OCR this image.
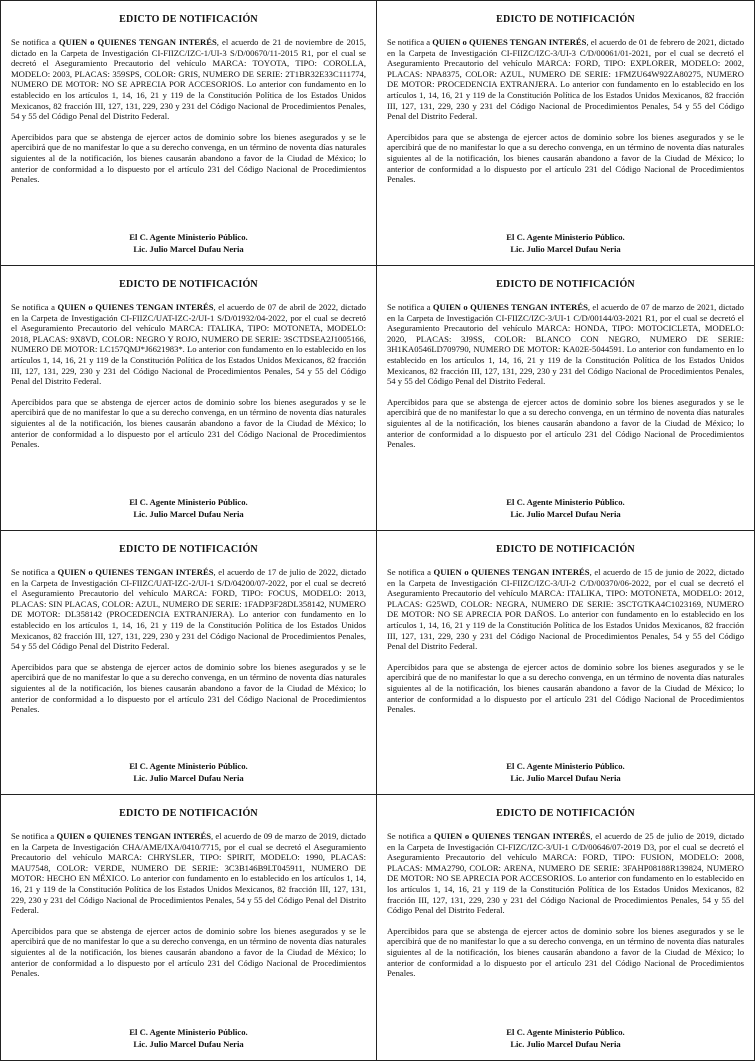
EDICTO DE NOTIFICACIÓN

Se notifica a QUIEN o QUIENES TENGAN INTERÉS, el acuerdo de 21 de noviembre de 2015, dictado en la Carpeta de Investigación CI-FIIZC/IZC-1/UI-3 S/D/00670/11-2015 R1, por el cual se decretó el Aseguramiento Precautorio del vehículo MARCA: TOYOTA, TIPO: COROLLA, MODELO: 2003, PLACAS: 359SPS, COLOR: GRIS, NUMERO DE SERIE: 2T1BR32E33C111774, NUMERO DE MOTOR: NO SE APRECIA POR ACCESORIOS. Lo anterior con fundamento en lo establecido en los artículos 1, 14, 16, 21 y 119 de la Constitución Política de los Estados Unidos Mexicanos, 82 fracción III, 127, 131, 229, 230 y 231 del Código Nacional de Procedimientos Penales, 54 y 55 del Código Penal del Distrito Federal.

Apercibidos para que se abstenga de ejercer actos de dominio sobre los bienes asegurados y se le apercibirá que de no manifestar lo que a su derecho convenga, en un término de noventa días naturales siguientes al de la notificación, los bienes causarán abandono a favor de la Ciudad de México; lo anterior de conformidad a lo dispuesto por el artículo 231 del Código Nacional de Procedimientos Penales.

El C. Agente Ministerio Público.
Lic. Julio Marcel Dufau Neria
EDICTO DE NOTIFICACIÓN

Se notifica a QUIEN o QUIENES TENGAN INTERÉS, el acuerdo de 01 de febrero de 2021, dictado en la Carpeta de Investigación CI-FIIZC/IZC-3/UI-3 C/D/00061/01-2021, por el cual se decretó el Aseguramiento Precautorio del vehículo MARCA: FORD, TIPO: EXPLORER, MODELO: 2002, PLACAS: NPA8375, COLOR: AZUL, NUMERO DE SERIE: 1FMZU64W92ZA80275, NUMERO DE MOTOR: PROCEDENCIA EXTRANJERA. Lo anterior con fundamento en lo establecido en los artículos 1, 14, 16, 21 y 119 de la Constitución Política de los Estados Unidos Mexicanos, 82 fracción III, 127, 131, 229, 230 y 231 del Código Nacional de Procedimientos Penales, 54 y 55 del Código Penal del Distrito Federal.

Apercibidos para que se abstenga de ejercer actos de dominio sobre los bienes asegurados y se le apercibirá que de no manifestar lo que a su derecho convenga, en un término de noventa días naturales siguientes al de la notificación, los bienes causarán abandono a favor de la Ciudad de México; lo anterior de conformidad a lo dispuesto por el artículo 231 del Código Nacional de Procedimientos Penales.

El C. Agente Ministerio Público.
Lic. Julio Marcel Dufau Neria
EDICTO DE NOTIFICACIÓN

Se notifica a QUIEN o QUIENES TENGAN INTERÉS, el acuerdo de 07 de abril de 2022, dictado en la Carpeta de Investigación CI-FIIZC/UAT-IZC-2/UI-1 S/D/01932/04-2022, por el cual se decretó el Aseguramiento Precautorio del vehículo MARCA: ITALIKA, TIPO: MOTONETA, MODELO: 2018, PLACAS: 9X8VD, COLOR: NEGRO Y ROJO, NUMERO DE SERIE: 3SCTDSEA2J1005166, NUMERO DE MOTOR: LC157QMJ*J6621983*. Lo anterior con fundamento en lo establecido en los artículos 1, 14, 16, 21 y 119 de la Constitución Política de los Estados Unidos Mexicanos, 82 fracción III, 127, 131, 229, 230 y 231 del Código Nacional de Procedimientos Penales, 54 y 55 del Código Penal del Distrito Federal.

Apercibidos para que se abstenga de ejercer actos de dominio sobre los bienes asegurados y se le apercibirá que de no manifestar lo que a su derecho convenga, en un término de noventa días naturales siguientes al de la notificación, los bienes causarán abandono a favor de la Ciudad de México; lo anterior de conformidad a lo dispuesto por el artículo 231 del Código Nacional de Procedimientos Penales.

El C. Agente Ministerio Público.
Lic. Julio Marcel Dufau Neria
EDICTO DE NOTIFICACIÓN

Se notifica a QUIEN o QUIENES TENGAN INTERÉS, el acuerdo de 07 de marzo de 2021, dictado en la Carpeta de Investigación CI-FIIZC/IZC-3/UI-1 C/D/00144/03-2021 R1, por el cual se decretó el Aseguramiento Precautorio del vehículo MARCA: HONDA, TIPO: MOTOCICLETA, MODELO: 2020, PLACAS: 3J9SS, COLOR: BLANCO CON NEGRO, NUMERO DE SERIE: 3H1KA0546LD709790, NUMERO DE MOTOR: KA02E-5044591. Lo anterior con fundamento en lo establecido en los artículos 1, 14, 16, 21 y 119 de la Constitución Política de los Estados Unidos Mexicanos, 82 fracción III, 127, 131, 229, 230 y 231 del Código Nacional de Procedimientos Penales, 54 y 55 del Código Penal del Distrito Federal.

Apercibidos para que se abstenga de ejercer actos de dominio sobre los bienes asegurados y se le apercibirá que de no manifestar lo que a su derecho convenga, en un término de noventa días naturales siguientes al de la notificación, los bienes causarán abandono a favor de la Ciudad de México; lo anterior de conformidad a lo dispuesto por el artículo 231 del Código Nacional de Procedimientos Penales.

El C. Agente Ministerio Público.
Lic. Julio Marcel Dufau Neria
EDICTO DE NOTIFICACIÓN

Se notifica a QUIEN o QUIENES TENGAN INTERÉS, el acuerdo de 17 de julio de 2022, dictado en la Carpeta de Investigación CI-FIIZC/UAT-IZC-2/UI-1 S/D/04200/07-2022, por el cual se decretó el Aseguramiento Precautorio del vehículo MARCA: FORD, TIPO: FOCUS, MODELO: 2013, PLACAS: SIN PLACAS, COLOR: AZUL, NUMERO DE SERIE: 1FADP3F28DL358142, NUMERO DE MOTOR: DL358142 (PROCEDENCIA EXTRANJERA). Lo anterior con fundamento en lo establecido en los artículos 1, 14, 16, 21 y 119 de la Constitución Política de los Estados Unidos Mexicanos, 82 fracción III, 127, 131, 229, 230 y 231 del Código Nacional de Procedimientos Penales, 54 y 55 del Código Penal del Distrito Federal.

Apercibidos para que se abstenga de ejercer actos de dominio sobre los bienes asegurados y se le apercibirá que de no manifestar lo que a su derecho convenga, en un término de noventa días naturales siguientes al de la notificación, los bienes causarán abandono a favor de la Ciudad de México; lo anterior de conformidad a lo dispuesto por el artículo 231 del Código Nacional de Procedimientos Penales.

El C. Agente Ministerio Público.
Lic. Julio Marcel Dufau Neria
EDICTO DE NOTIFICACIÓN

Se notifica a QUIEN o QUIENES TENGAN INTERÉS, el acuerdo de 15 de junio de 2022, dictado en la Carpeta de Investigación CI-FIIZC/IZC-3/UI-2 C/D/00370/06-2022, por el cual se decretó el Aseguramiento Precautorio del vehículo MARCA: ITALIKA, TIPO: MOTONETA, MODELO: 2012, PLACAS: G25WD, COLOR: NEGRA, NUMERO DE SERIE: 3SCTGTKA4C1023169, NUMERO DE MOTOR: NO SE APRECIA POR DAÑOS. Lo anterior con fundamento en lo establecido en los artículos 1, 14, 16, 21 y 119 de la Constitución Política de los Estados Unidos Mexicanos, 82 fracción III, 127, 131, 229, 230 y 231 del Código Nacional de Procedimientos Penales, 54 y 55 del Código Penal del Distrito Federal.

Apercibidos para que se abstenga de ejercer actos de dominio sobre los bienes asegurados y se le apercibirá que de no manifestar lo que a su derecho convenga, en un término de noventa días naturales siguientes al de la notificación, los bienes causarán abandono a favor de la Ciudad de México; lo anterior de conformidad a lo dispuesto por el artículo 231 del Código Nacional de Procedimientos Penales.

El C. Agente Ministerio Público.
Lic. Julio Marcel Dufau Neria
EDICTO DE NOTIFICACIÓN

Se notifica a QUIEN o QUIENES TENGAN INTERÉS, el acuerdo de 09 de marzo de 2019, dictado en la Carpeta de Investigación CHA/AME/IXA/0410/7715, por el cual se decretó el Aseguramiento Precautorio del vehículo MARCA: CHRYSLER, TIPO: SPIRIT, MODELO: 1990, PLACAS: MAU7548, COLOR: VERDE, NUMERO DE SERIE: 3C3B146B9LT045911, NUMERO DE MOTOR: HECHO EN MÉXICO. Lo anterior con fundamento en lo establecido en los artículos 1, 14, 16, 21 y 119 de la Constitución Política de los Estados Unidos Mexicanos, 82 fracción III, 127, 131, 229, 230 y 231 del Código Nacional de Procedimientos Penales, 54 y 55 del Código Penal del Distrito Federal.

Apercibidos para que se abstenga de ejercer actos de dominio sobre los bienes asegurados y se le apercibirá que de no manifestar lo que a su derecho convenga, en un término de noventa días naturales siguientes al de la notificación, los bienes causarán abandono a favor de la Ciudad de México; lo anterior de conformidad a lo dispuesto por el artículo 231 del Código Nacional de Procedimientos Penales.

El C. Agente Ministerio Público.
Lic. Julio Marcel Dufau Neria
EDICTO DE NOTIFICACIÓN

Se notifica a QUIEN o QUIENES TENGAN INTERÉS, el acuerdo de 25 de julio de 2019, dictado en la Carpeta de Investigación CI-FIZC/IZC-3/UI-1 C/D/00646/07-2019 D3, por el cual se decretó el Aseguramiento Precautorio del vehículo MARCA: FORD, TIPO: FUSION, MODELO: 2008, PLACAS: MMA2790, COLOR: ARENA, NUMERO DE SERIE: 3FAHP08188R139824, NUMERO DE MOTOR: NO SE APRECIA POR ACCESORIOS. Lo anterior con fundamento en lo establecido en los artículos 1, 14, 16, 21 y 119 de la Constitución Política de los Estados Unidos Mexicanos, 82 fracción III, 127, 131, 229, 230 y 231 del Código Nacional de Procedimientos Penales, 54 y 55 del Código Penal del Distrito Federal.

Apercibidos para que se abstenga de ejercer actos de dominio sobre los bienes asegurados y se le apercibirá que de no manifestar lo que a su derecho convenga, en un término de noventa días naturales siguientes al de la notificación, los bienes causarán abandono a favor de la Ciudad de México; lo anterior de conformidad a lo dispuesto por el artículo 231 del Código Nacional de Procedimientos Penales.

El C. Agente Ministerio Público.
Lic. Julio Marcel Dufau Neria
